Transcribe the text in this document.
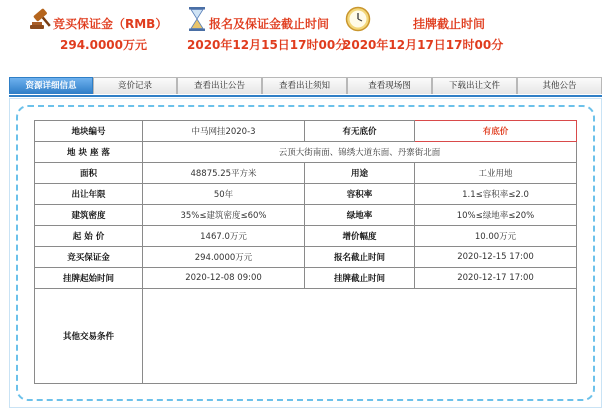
竞买保证金（RMB）
294.0000万元
报名及保证金截止时间
2020年12月15日17时00分
挂牌截止时间
2020年12月17日17时00分
资源详细信息	竞价记录	查看出让公告	查看出让须知	查看现场图	下载出让文件	其他公告
地块编号	中马网挂2020-3	有无底价	有底价
地 块 座 落	云顶大街南面、锦绣大道东面、丹寨街北面		
面积	48875.25平方米	用途	工业用地
出让年限	50年	容积率	1.1≤容积率≤2.0
建筑密度	35%≤建筑密度≤60%	绿地率	10%≤绿地率≤20%
起 始 价	1467.0万元	增价幅度	10.00万元
竞买保证金	294.0000万元	报名截止时间	2020-12-15 17:00
挂牌起始时间	2020-12-08 09:00	挂牌截止时间	2020-12-17 17:00
其他交易条件			
